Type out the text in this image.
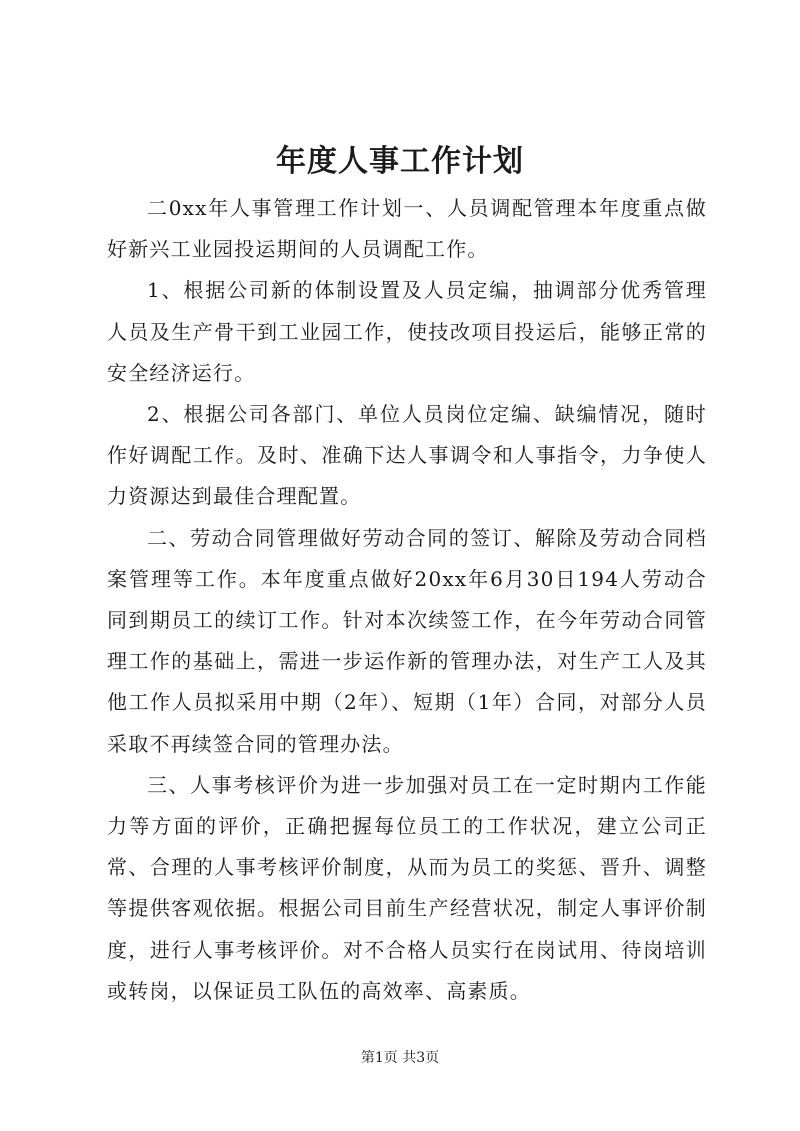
年度人事工作计划

二0xx年人事管理工作计划一、人员调配管理本年度重点做好新兴工业园投运期间的人员调配工作。

1、根据公司新的体制设置及人员定编，抽调部分优秀管理人员及生产骨干到工业园工作，使技改项目投运后，能够正常的安全经济运行。

2、根据公司各部门、单位人员岗位定编、缺编情况，随时作好调配工作。及时、准确下达人事调令和人事指令，力争使人力资源达到最佳合理配置。

二、劳动合同管理做好劳动合同的签订、解除及劳动合同档案管理等工作。本年度重点做好20xx年6月30日194人劳动合同到期员工的续订工作。针对本次续签工作，在今年劳动合同管理工作的基础上，需进一步运作新的管理办法，对生产工人及其他工作人员拟采用中期（2年）、短期（1年）合同，对部分人员采取不再续签合同的管理办法。

三、人事考核评价为进一步加强对员工在一定时期内工作能力等方面的评价，正确把握每位员工的工作状况，建立公司正常、合理的人事考核评价制度，从而为员工的奖惩、晋升、调整等提供客观依据。根据公司目前生产经营状况，制定人事评价制度，进行人事考核评价。对不合格人员实行在岗试用、待岗培训或转岗，以保证员工队伍的高效率、高素质。

第1页 共3页
